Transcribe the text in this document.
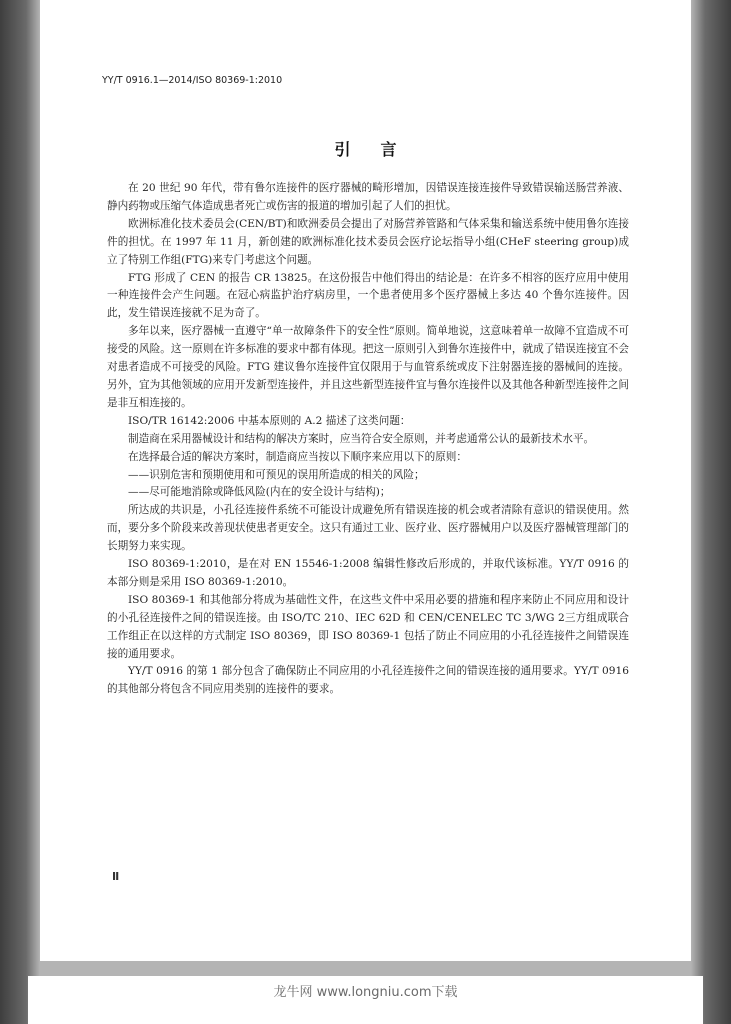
YY/T 0916.1—2014/ISO 80369-1:2010
引言

在 20 世纪 90 年代，带有鲁尔连接件的医疗器械的畸形增加，因错误连接连接件导致错误输送肠营养液、静内药物或压缩气体造成患者死亡或伤害的报道的增加引起了人们的担忧。

欧洲标准化技术委员会(CEN/BT)和欧洲委员会提出了对肠营养管路和气体采集和输送系统中使用鲁尔连接件的担忧。在 1997 年 11 月，新创建的欧洲标准化技术委员会医疗论坛指导小组(CHeF steering group)成立了特别工作组(FTG)来专门考虑这个问题。

FTG 形成了 CEN 的报告 CR 13825。在这份报告中他们得出的结论是：在许多不相容的医疗应用中使用一种连接件会产生问题。在冠心病监护治疗病房里，一个患者使用多个医疗器械上多达 40 个鲁尔连接件。因此，发生错误连接就不足为奇了。

多年以来，医疗器械一直遵守“单一故障条件下的安全性”原则。简单地说，这意味着单一故障不宜造成不可接受的风险。这一原则在许多标准的要求中都有体现。把这一原则引入到鲁尔连接件中，就成了错误连接宜不会对患者造成不可接受的风险。FTG 建议鲁尔连接件宜仅限用于与血管系统或皮下注射器连接的器械间的连接。另外，宜为其他领域的应用开发新型连接件，并且这些新型连接件宜与鲁尔连接件以及其他各种新型连接件之间是非互相连接的。

ISO/TR 16142:2006 中基本原则的 A.2 描述了这类问题：

制造商在采用器械设计和结构的解决方案时，应当符合安全原则，并考虑通常公认的最新技术水平。

在选择最合适的解决方案时，制造商应当按以下顺序来应用以下的原则：

——识别危害和预期使用和可预见的误用所造成的相关的风险；

——尽可能地消除或降低风险(内在的安全设计与结构)；

所达成的共识是，小孔径连接件系统不可能设计成避免所有错误连接的机会或者清除有意识的错误使用。然而，要分多个阶段来改善现状使患者更安全。这只有通过工业、医疗业、医疗器械用户以及医疗器械管理部门的长期努力来实现。

ISO 80369-1:2010，是在对 EN 15546-1:2008 编辑性修改后形成的，并取代该标准。YY/T 0916 的本部分则是采用 ISO 80369-1:2010。

ISO 80369-1 和其他部分将成为基础性文件，在这些文件中采用必要的措施和程序来防止不同应用和设计的小孔径连接件之间的错误连接。由 ISO/TC 210、IEC 62D 和 CEN/CENELEC TC 3/WG 2三方组成联合工作组正在以这样的方式制定 ISO 80369，即 ISO 80369-1 包括了防止不同应用的小孔径连接件之间错误连接的通用要求。

YY/T 0916 的第 1 部分包含了确保防止不同应用的小孔径连接件之间的错误连接的通用要求。YY/T 0916 的其他部分将包含不同应用类别的连接件的要求。

Ⅱ
龙牛网 www.longniu.com下载
